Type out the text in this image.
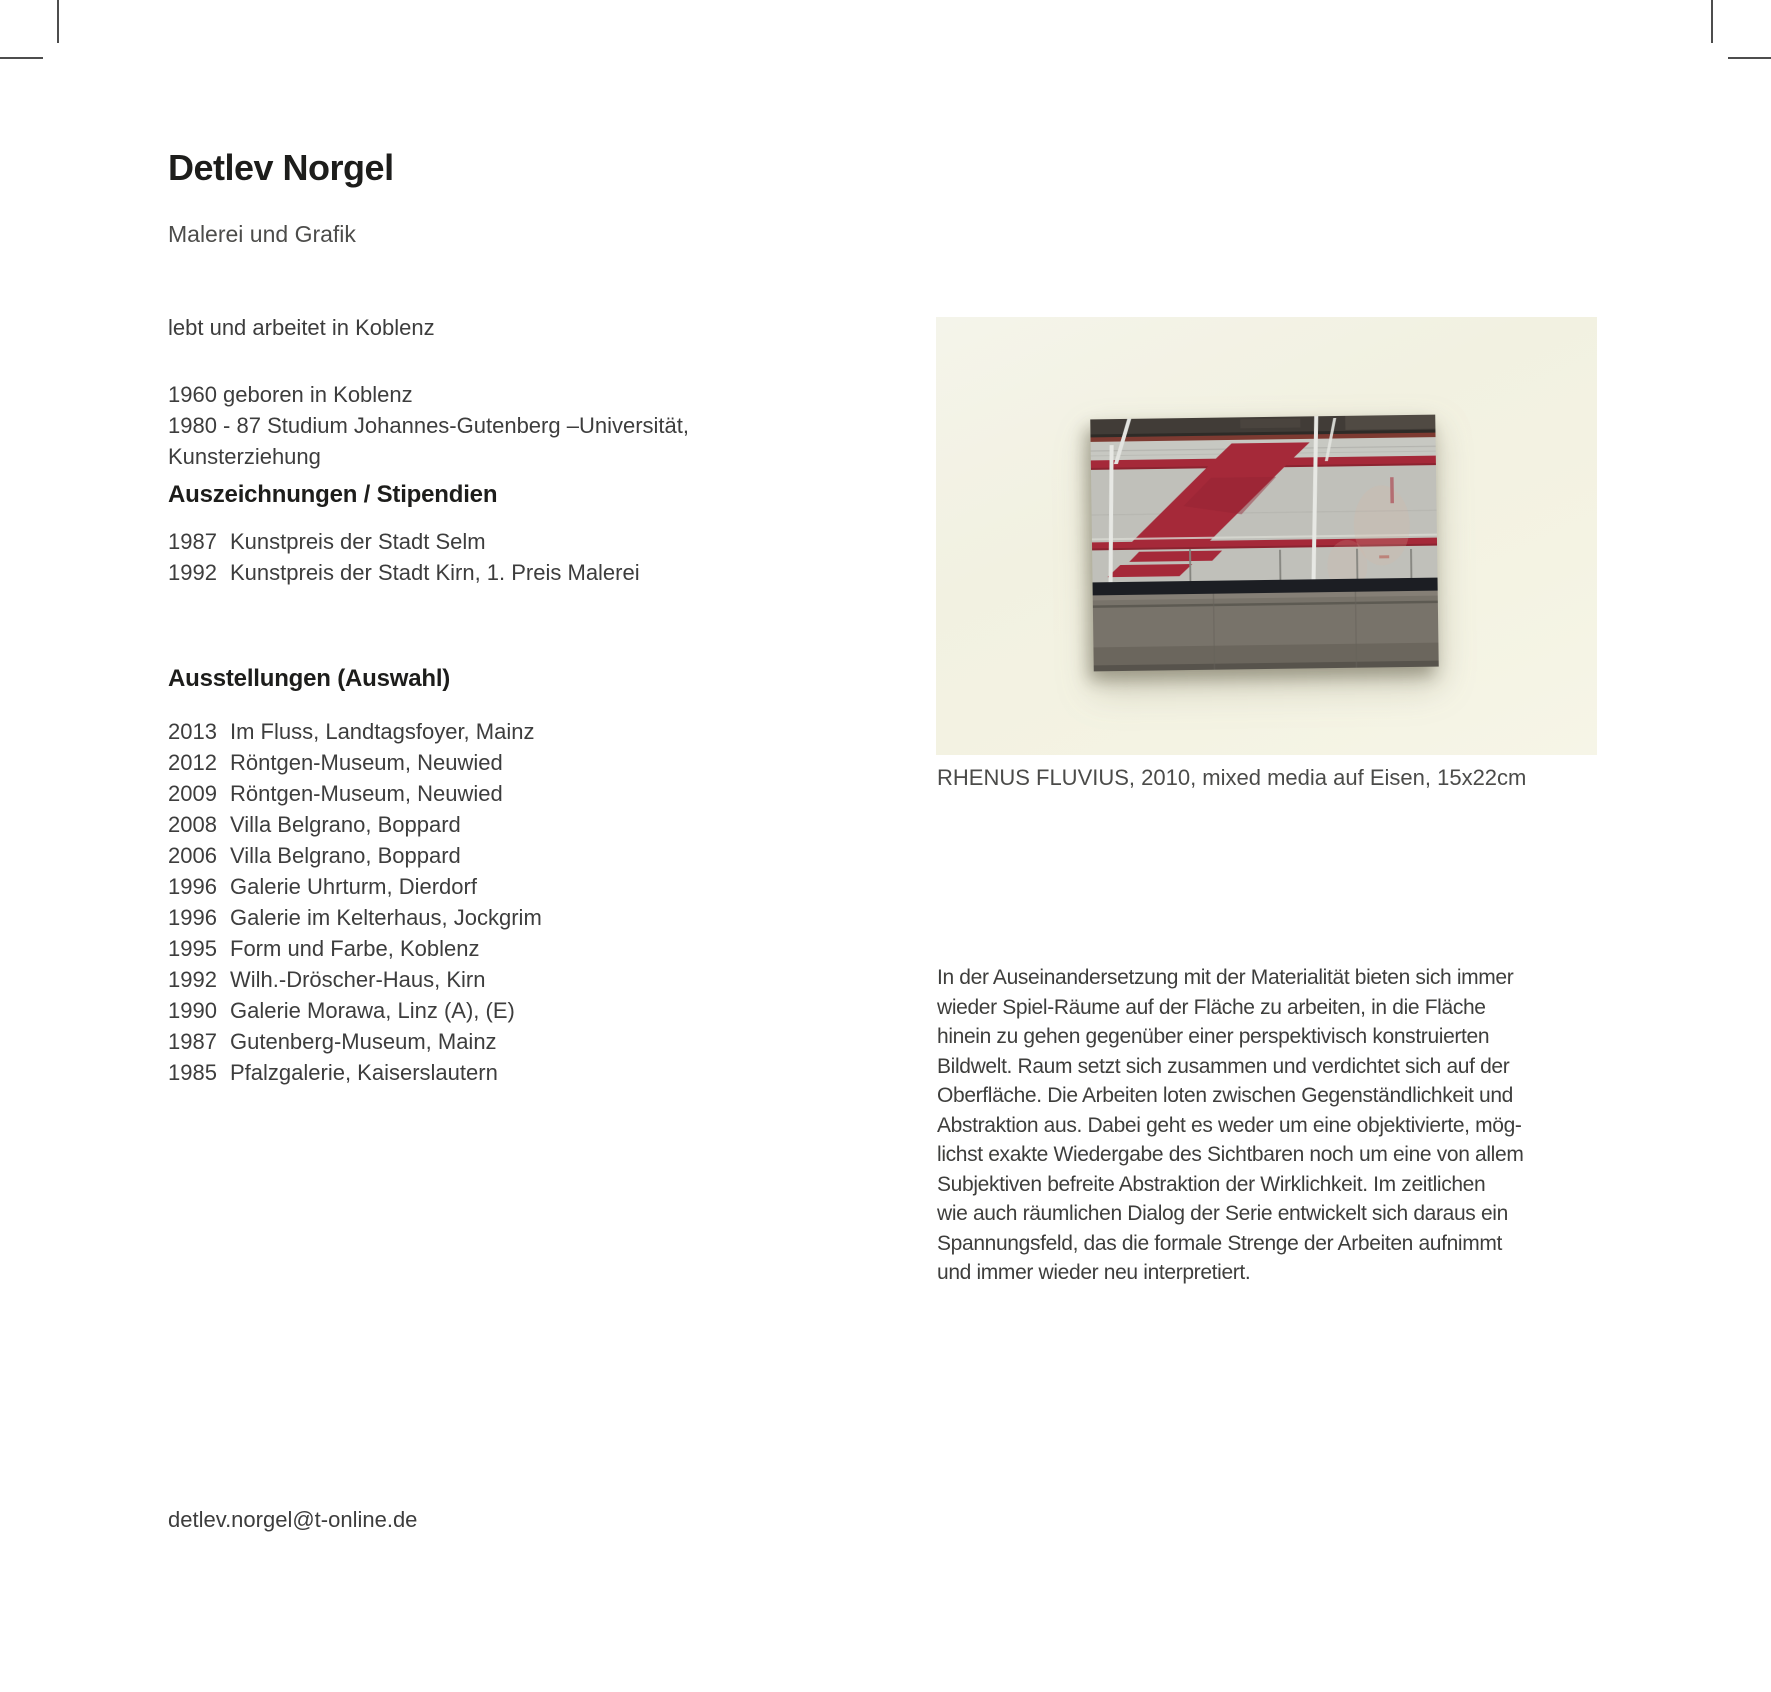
Detlev Norgel
Malerei und Grafik
lebt und arbeitet in Koblenz
1960 geboren in Koblenz
1980 - 87 Studium Johannes-Gutenberg –Universität,
Kunsterziehung
Auszeichnungen / Stipendien
1987 Kunstpreis der Stadt Selm
1992 Kunstpreis der Stadt Kirn, 1. Preis Malerei
Ausstellungen (Auswahl)
2013 Im Fluss, Landtagsfoyer, Mainz
2012 Röntgen-Museum, Neuwied
2009 Röntgen-Museum, Neuwied
2008 Villa Belgrano, Boppard
2006 Villa Belgrano, Boppard
1996 Galerie Uhrturm, Dierdorf
1996 Galerie im Kelterhaus, Jockgrim
1995 Form und Farbe, Koblenz
1992 Wilh.-Dröscher-Haus, Kirn
1990 Galerie Morawa, Linz (A), (E)
1987 Gutenberg-Museum, Mainz
1985 Pfalzgalerie, Kaiserslautern
detlev.norgel@t-online.de
RHENUS FLUVIUS, 2010, mixed media auf Eisen, 15x22cm
In der Auseinandersetzung mit der Materialität bieten sich immer
wieder Spiel-Räume auf der Fläche zu arbeiten, in die Fläche
hinein zu gehen gegenüber einer perspektivisch konstruierten
Bildwelt. Raum setzt sich zusammen und verdichtet sich auf der
Oberfläche. Die Arbeiten loten zwischen Gegenständlichkeit und
Abstraktion aus. Dabei geht es weder um eine objektivierte, mög-
lichst exakte Wiedergabe des Sichtbaren noch um eine von allem
Subjektiven befreite Abstraktion der Wirklichkeit. Im zeitlichen
wie auch räumlichen Dialog der Serie entwickelt sich daraus ein
Spannungsfeld, das die formale Strenge der Arbeiten aufnimmt
und immer wieder neu interpretiert.
